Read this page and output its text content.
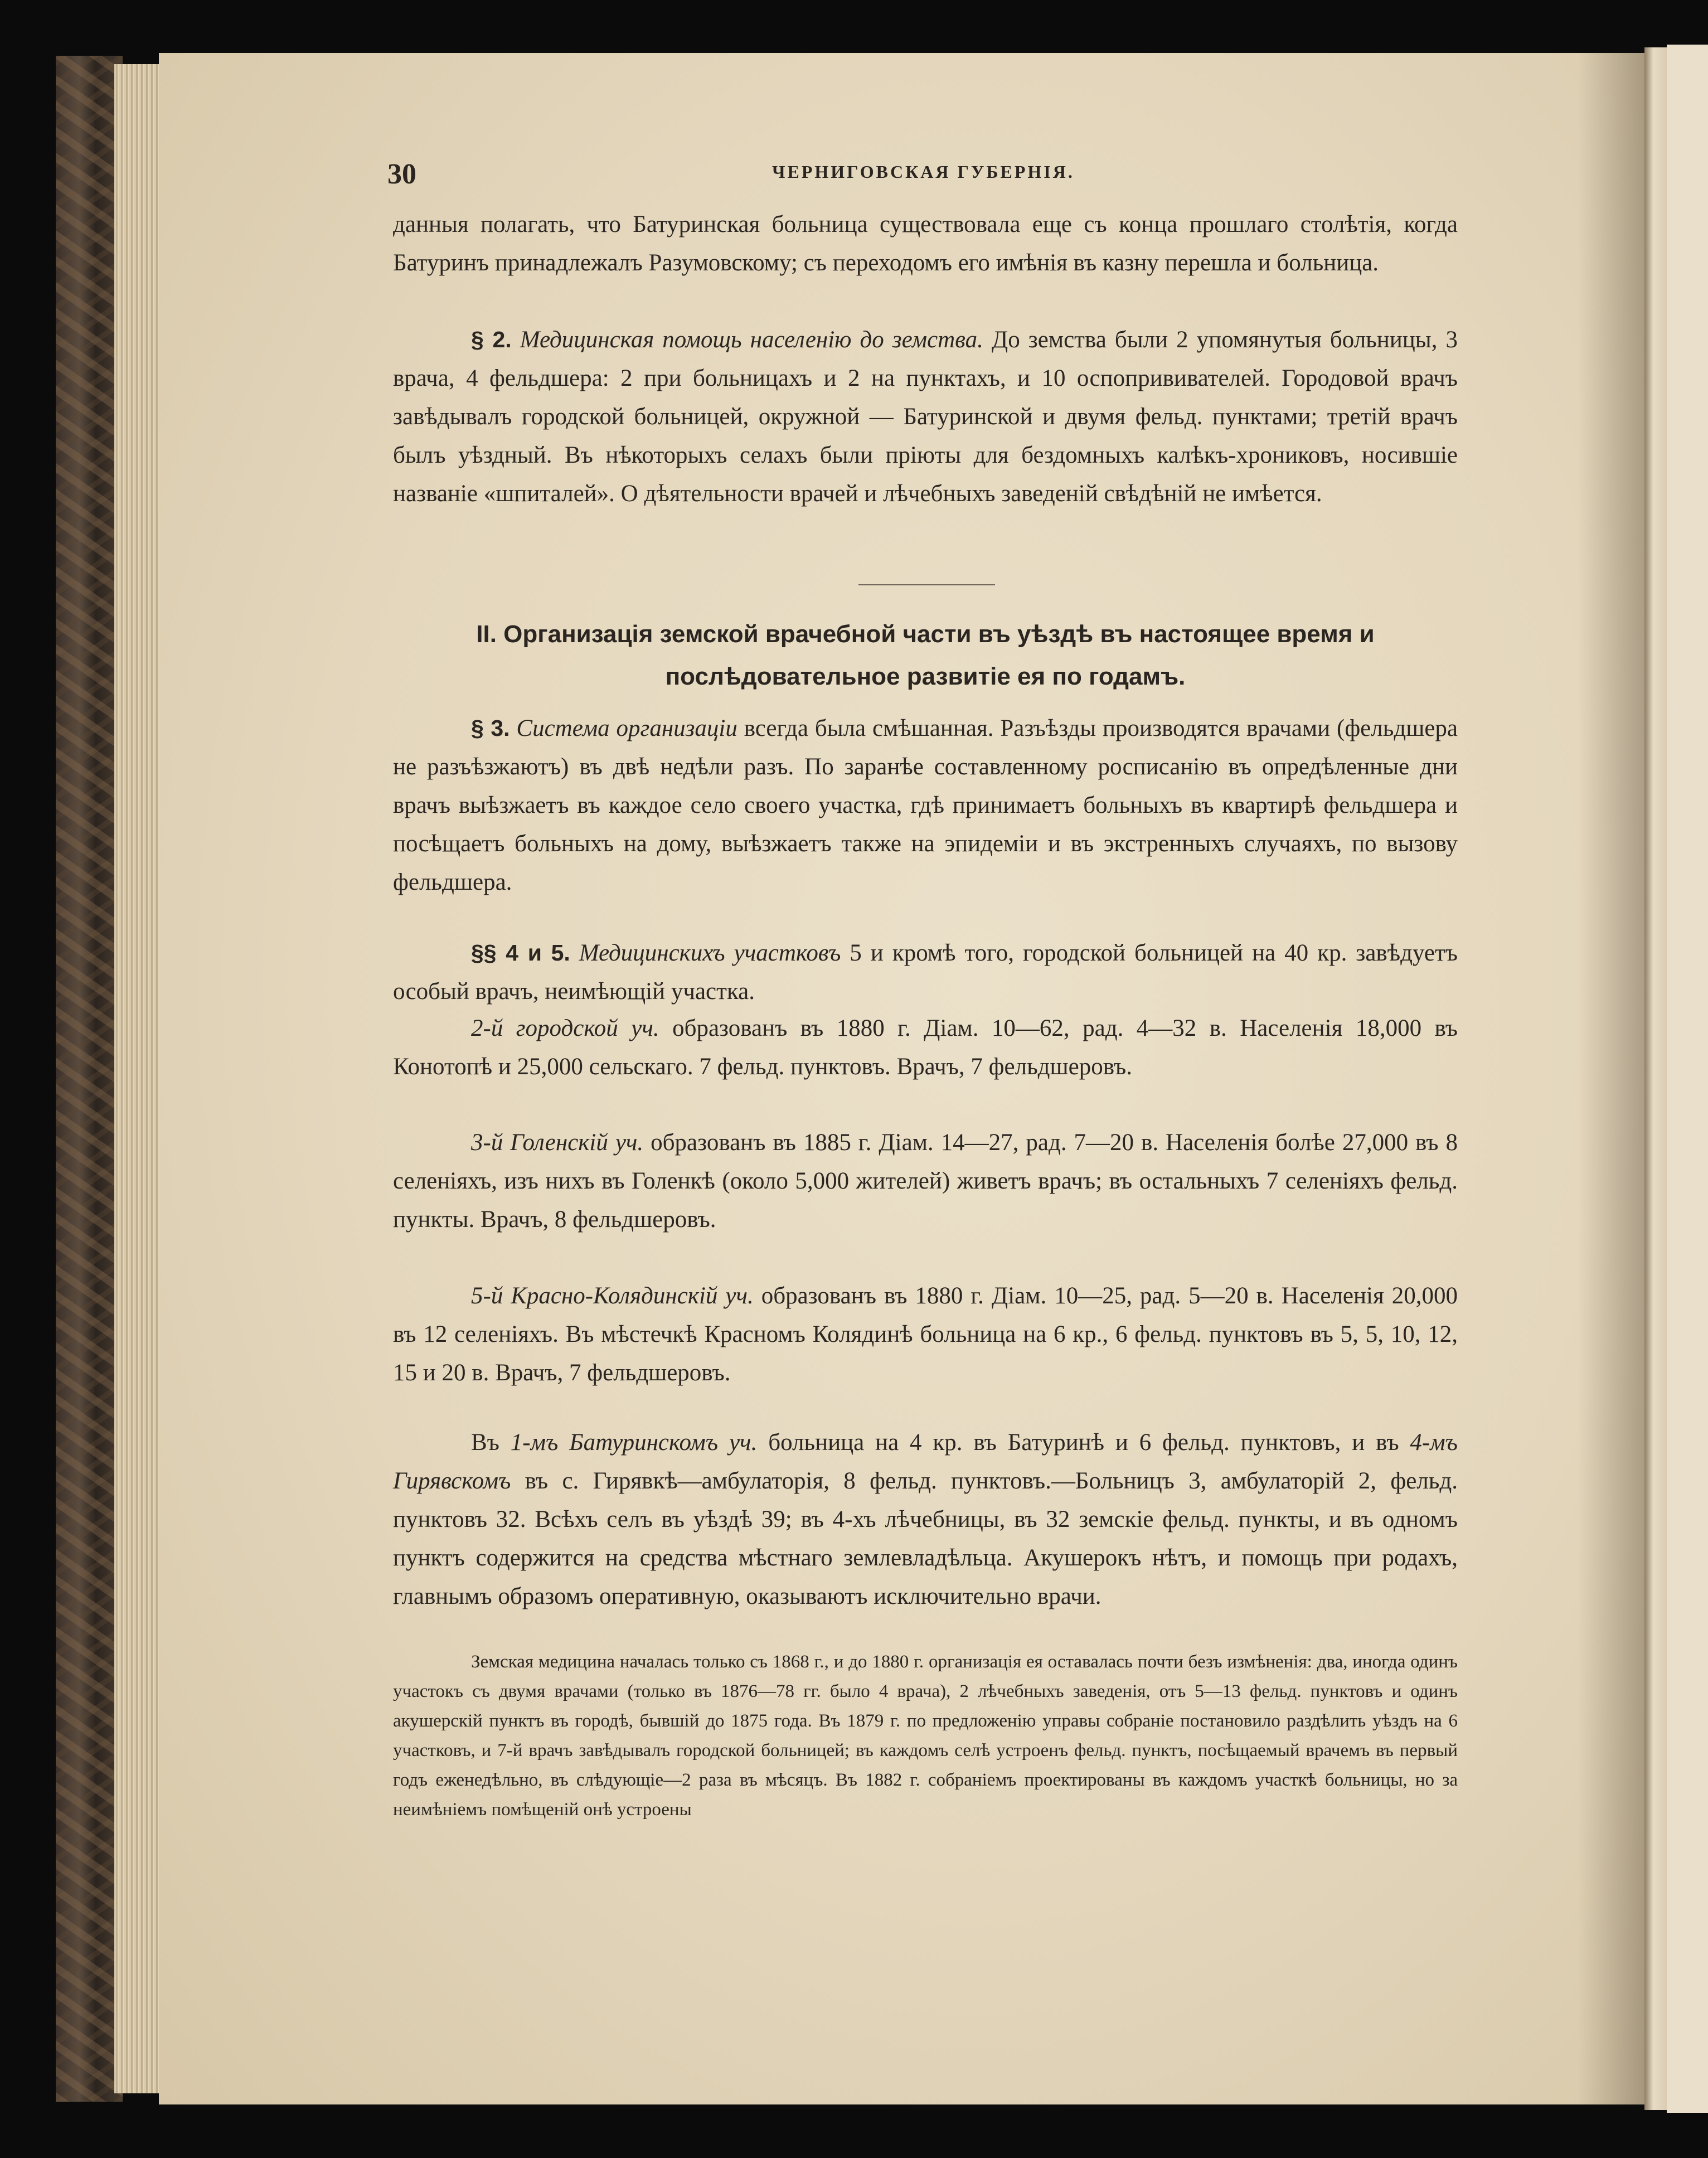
30	ЧЕРНИГОВСКАЯ ГУБЕРНІЯ.

данныя полагать, что Батуринская больница существовала еще съ конца прошлаго столѣтія, когда Батуринъ принадлежалъ Разумовскому; съ переходомъ его имѣнія въ казну перешла и больница.

§ 2. Медицинская помощь населенію до земства. До земства были 2 упомянутыя больницы, 3 врача, 4 фельдшера: 2 при больницахъ и 2 на пунктахъ, и 10 оспопрививателей. Городовой врачъ завѣдывалъ городской больницей, окружной — Батуринской и двумя фельд. пунктами; третій врачъ былъ уѣздный. Въ нѣкоторыхъ селахъ были пріюты для бездомныхъ калѣкъ-хрониковъ, носившіе названіе «шпиталей». О дѣятельности врачей и лѣчебныхъ заведеній свѣдѣній не имѣется.

II. Организація земской врачебной части въ уѣздѣ въ настоящее время и послѣдовательное развитіе ея по годамъ.

§ 3. Система организаціи всегда была смѣшанная. Разъѣзды производятся врачами (фельдшера не разъѣзжаютъ) въ двѣ недѣли разъ. По заранѣе составленному росписанію въ опредѣленные дни врачъ выѣзжаетъ въ каждое село своего участка, гдѣ принимаетъ больныхъ въ квартирѣ фельдшера и посѣщаетъ больныхъ на дому, выѣзжаетъ также на эпидеміи и въ экстренныхъ случаяхъ, по вызову фельдшера.

§§ 4 и 5. Медицинскихъ участковъ 5 и кромѣ того, городской больницей на 40 кр. завѣдуетъ особый врачъ, неимѣющій участка.

2-й городской уч. образованъ въ 1880 г. Діам. 10—62, рад. 4—32 в. Населенія 18,000 въ Конотопѣ и 25,000 сельскаго. 7 фельд. пунктовъ. Врачъ, 7 фельдшеровъ.

3-й Голенскій уч. образованъ въ 1885 г. Діам. 14—27, рад. 7—20 в. Населенія болѣе 27,000 въ 8 селеніяхъ, изъ нихъ въ Голенкѣ (около 5,000 жителей) живетъ врачъ; въ остальныхъ 7 селеніяхъ фельд. пункты. Врачъ, 8 фельдшеровъ.

5-й Красно-Колядинскій уч. образованъ въ 1880 г. Діам. 10—25, рад. 5—20 в. Населенія 20,000 въ 12 селеніяхъ. Въ мѣстечкѣ Красномъ Колядинѣ больница на 6 кр., 6 фельд. пунктовъ въ 5, 5, 10, 12, 15 и 20 в. Врачъ, 7 фельдшеровъ.

Въ 1-мъ Батуринскомъ уч. больница на 4 кр. въ Батуринѣ и 6 фельд. пунктовъ, и въ 4-мъ Гирявскомъ въ с. Гирявкѣ—амбулаторія, 8 фельд. пунктовъ.—Больницъ 3, амбулаторій 2, фельд. пунктовъ 32. Всѣхъ селъ въ уѣздѣ 39; въ 4-хъ лѣчебницы, въ 32 земскіе фельд. пункты, и въ одномъ пунктъ содержится на средства мѣстнаго землевладѣльца. Акушерокъ нѣтъ, и помощь при родахъ, главнымъ образомъ оперативную, оказываютъ исключительно врачи.

Земская медицина началась только съ 1868 г., и до 1880 г. организація ея оставалась почти безъ измѣненія: два, иногда одинъ участокъ съ двумя врачами (только въ 1876—78 гг. было 4 врача), 2 лѣчебныхъ заведенія, отъ 5—13 фельд. пунктовъ и одинъ акушерскій пунктъ въ городѣ, бывшій до 1875 года. Въ 1879 г. по предложенію управы собраніе постановило раздѣлить уѣздъ на 6 участковъ, и 7-й врачъ завѣдывалъ городской больницей; въ каждомъ селѣ устроенъ фельд. пунктъ, посѣщаемый врачемъ въ первый годъ еженедѣльно, въ слѣдующіе—2 раза въ мѣсяцъ. Въ 1882 г. собраніемъ проектированы въ каждомъ участкѣ больницы, но за неимѣніемъ помѣщеній онѣ устроены
